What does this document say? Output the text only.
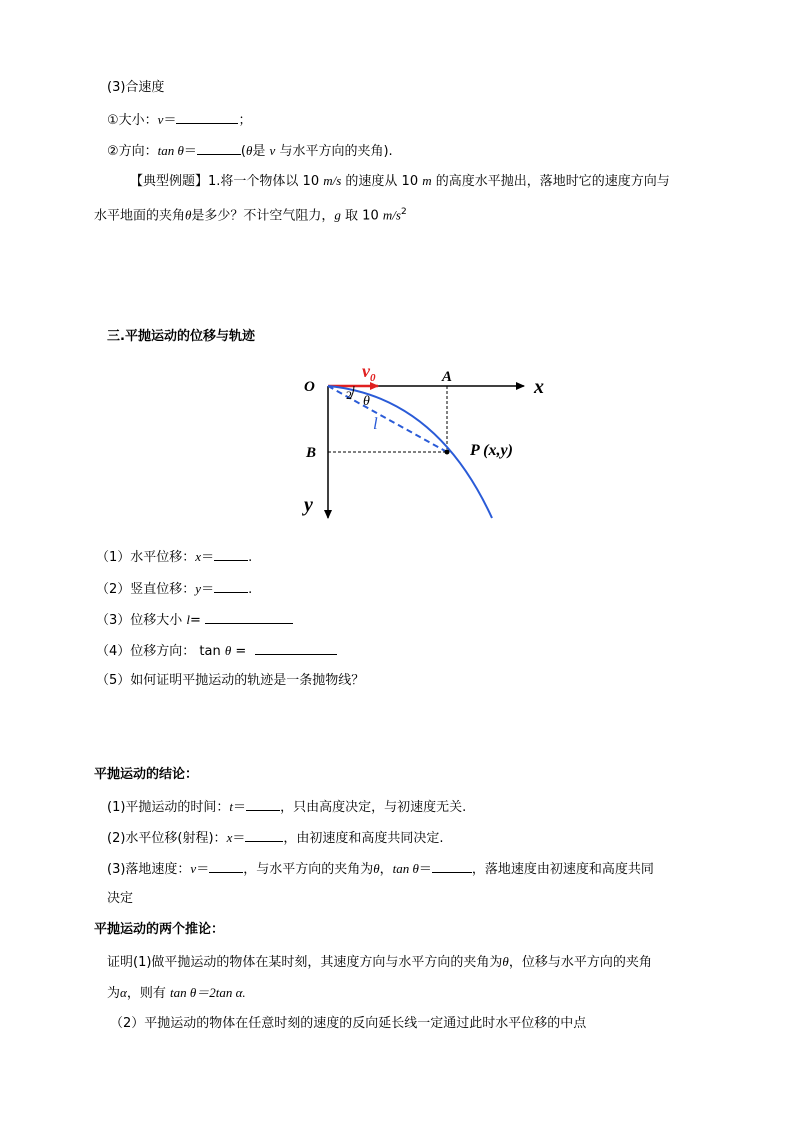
(3)合速度
①大小：v＝	；
②方向：tan θ＝	(θ是 v 与水平方向的夹角).
【典型例题】1.将一个物体以 10 m/s 的速度从 10 m 的高度水平抛出，落地时它的速度方向与
水平地面的夹角θ是多少？不计空气阻力，g 取 10 $m/s^2$
三.平抛运动的位移与轨迹
O
$v_0$	A	x
2 θ
l
B	P (x,y)
y
（1）水平位移：x＝	.
（2）竖直位移：y＝	.
（3）位移大小 l=
（4）位移方向： tan θ =
（5）如何证明平抛运动的轨迹是一条抛物线？
平抛运动的结论：
(1)平抛运动的时间：t＝	，只由高度决定，与初速度无关.
(2)水平位移(射程)：x＝	，由初速度和高度共同决定.
(3)落地速度：v＝	，与水平方向的夹角为θ，tan θ＝	，落地速度由初速度和高度共同
决定
平抛运动的两个推论：
证明(1)做平抛运动的物体在某时刻，其速度方向与水平方向的夹角为θ，位移与水平方向的夹角
为α，则有 tan θ＝2tan α.
（2）平抛运动的物体在任意时刻的速度的反向延长线一定通过此时水平位移的中点
